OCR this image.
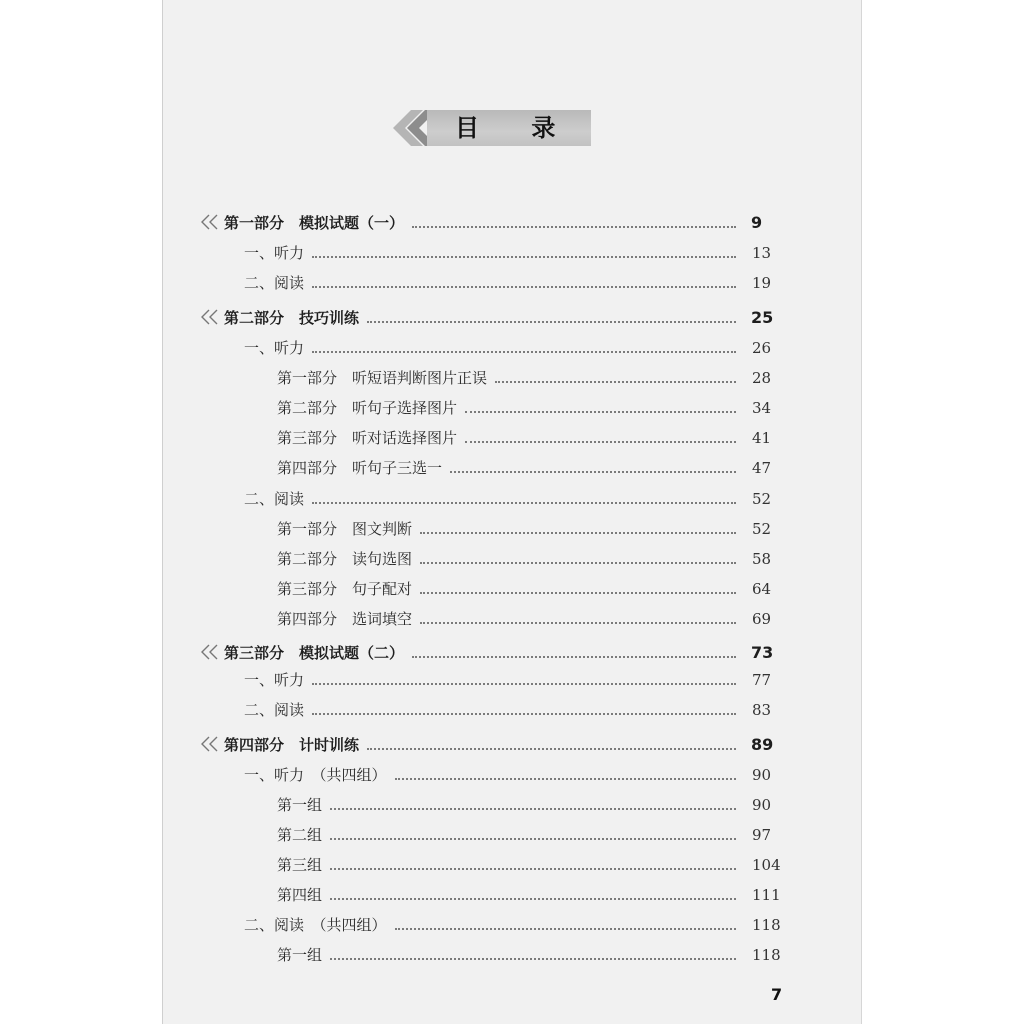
目 录
第一部分　模拟试题（一）	9
一、听力	13
二、阅读	19
第二部分　技巧训练	25
一、听力	26
第一部分　听短语判断图片正误	28
第二部分　听句子选择图片	34
第三部分　听对话选择图片	41
第四部分　听句子三选一	47
二、阅读	52
第一部分　图文判断	52
第二部分　读句选图	58
第三部分　句子配对	64
第四部分　选词填空	69
第三部分　模拟试题（二）	73
一、听力	77
二、阅读	83
第四部分　计时训练	89
一、听力　（共四组）	90
第一组	90
第二组	97
第三组	104
第四组	111
二、阅读　（共四组）	118
第一组	118
7
